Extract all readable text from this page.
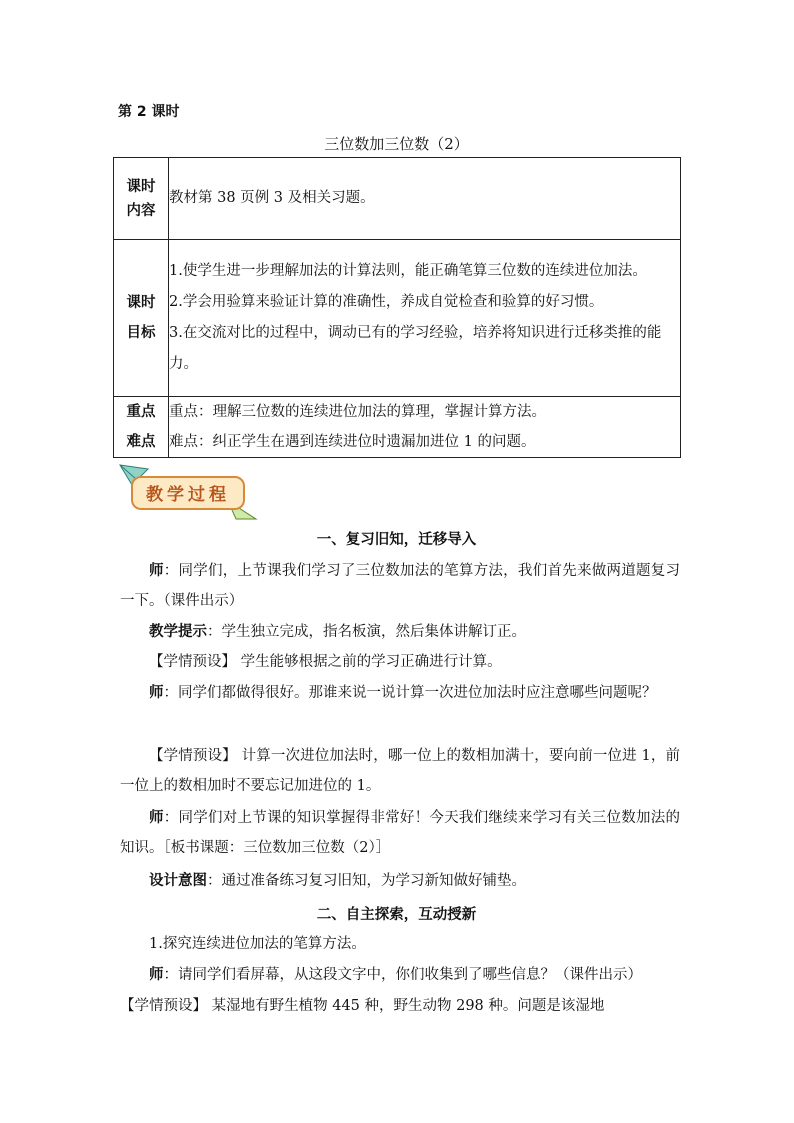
第 2 课时
三位数加三位数（2）
课时内容	教材第 38 页例 3 及相关习题。

课时目标	1.使学生进一步理解加法的计算法则，能正确笔算三位数的连续进位加法。
2.学会用验算来验证计算的准确性，养成自觉检查和验算的好习惯。
3.在交流对比的过程中，调动已有的学习经验，培养将知识进行迁移类推的能力。

重点难点	重点：理解三位数的连续进位加法的算理，掌握计算方法。
难点：纠正学生在遇到连续进位时遗漏加进位 1 的问题。
教学过程
一、复习旧知，迁移导入
师：同学们，上节课我们学习了三位数加法的笔算方法，我们首先来做两道题复习一下。（课件出示）
教学提示：学生独立完成，指名板演，然后集体讲解订正。
【学情预设】 学生能够根据之前的学习正确进行计算。
师：同学们都做得很好。那谁来说一说计算一次进位加法时应注意哪些问题呢？
【学情预设】 计算一次进位加法时，哪一位上的数相加满十，要向前一位进 1，前一位上的数相加时不要忘记加进位的 1。
师：同学们对上节课的知识掌握得非常好！今天我们继续来学习有关三位数加法的知识。［板书课题：三位数加三位数（2）］
设计意图：通过准备练习复习旧知，为学习新知做好铺垫。
二、自主探索，互动授新
1.探究连续进位加法的笔算方法。
师：请同学们看屏幕，从这段文字中，你们收集到了哪些信息？（课件出示）
【学情预设】 某湿地有野生植物 445 种，野生动物 298 种。问题是该湿地
